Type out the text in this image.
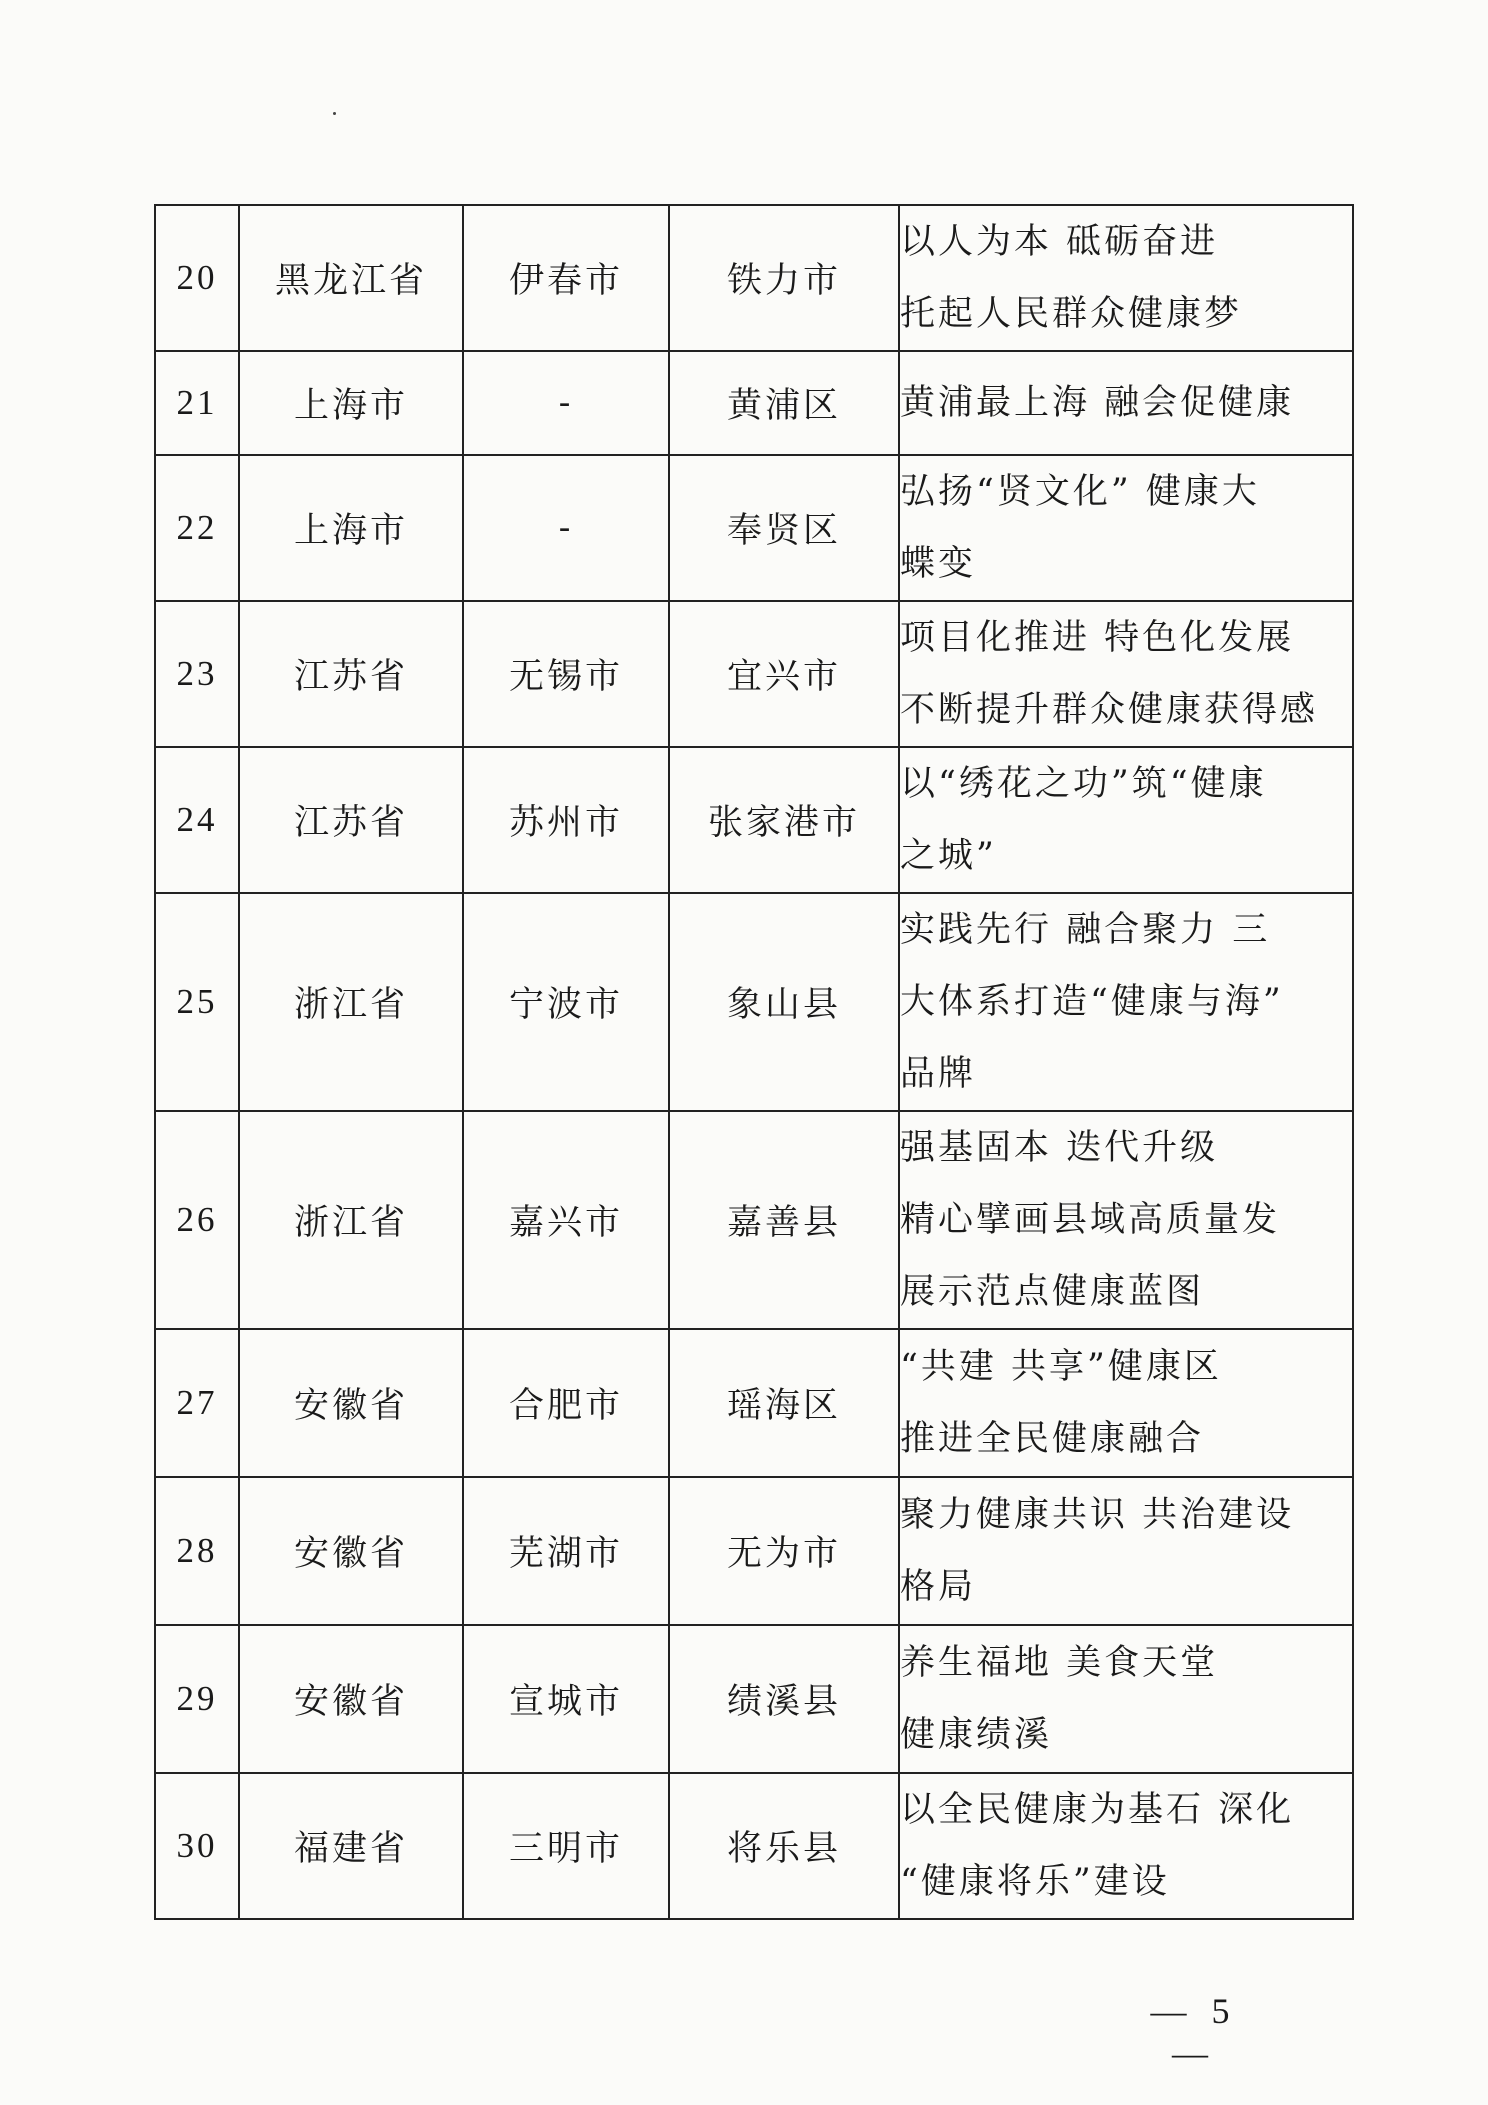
20	黑龙江省	伊春市	铁力市	以人为本 砥砺奋进
托起人民群众健康梦

21	上海市	-	黄浦区	黄浦最上海 融会促健康

22	上海市	-	奉贤区	弘扬“贤文化” 健康大
蝶变

23	江苏省	无锡市	宜兴市	项目化推进 特色化发展
不断提升群众健康获得感

24	江苏省	苏州市	张家港市	以“绣花之功”筑“健康
之城”

25	浙江省	宁波市	象山县	实践先行 融合聚力 三
大体系打造“健康与海”
品牌

26	浙江省	嘉兴市	嘉善县	强基固本 迭代升级
精心擘画县域高质量发
展示范点健康蓝图

27	安徽省	合肥市	瑶海区	“共建 共享”健康区
推进全民健康融合

28	安徽省	芜湖市	无为市	聚力健康共识 共治建设
格局

29	安徽省	宣城市	绩溪县	养生福地 美食天堂
健康绩溪

30	福建省	三明市	将乐县	以全民健康为基石 深化
“健康将乐”建设
— 5 —
